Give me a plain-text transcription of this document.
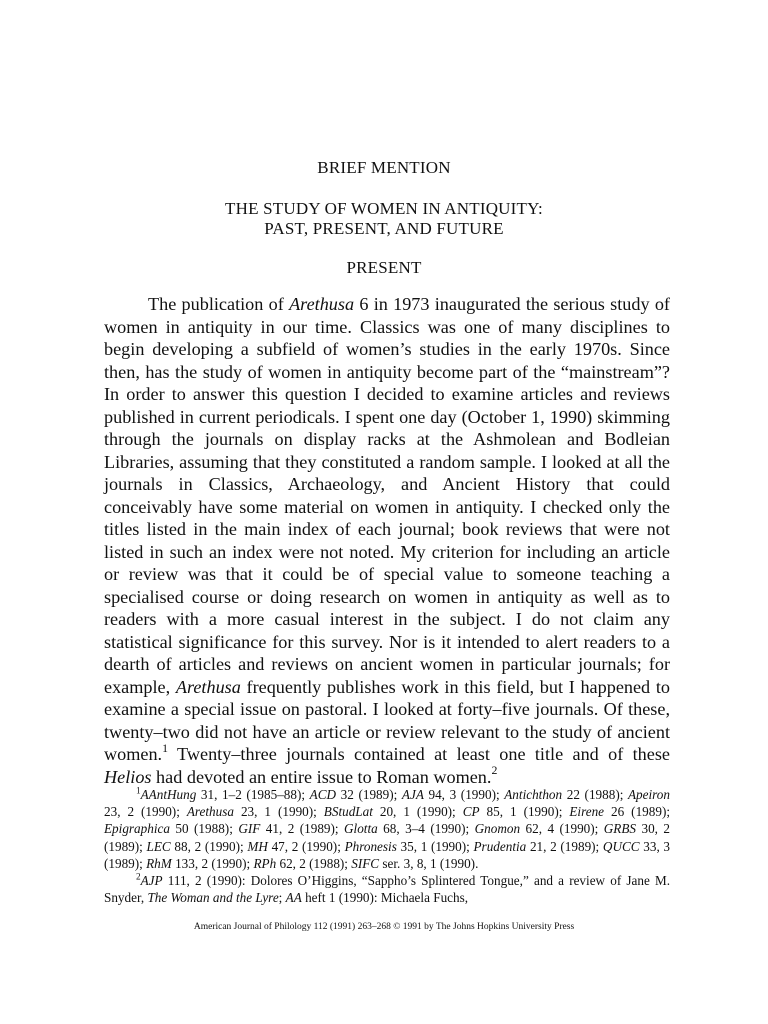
BRIEF MENTION
THE STUDY OF WOMEN IN ANTIQUITY:
PAST, PRESENT, AND FUTURE
PRESENT

The publication of Arethusa 6 in 1973 inaugurated the serious study of women in antiquity in our time. Classics was one of many disciplines to begin developing a subfield of women’s studies in the early 1970s. Since then, has the study of women in antiquity become part of the “mainstream”? In order to answer this question I decided to examine articles and reviews published in current periodicals. I spent one day (October 1, 1990) skimming through the journals on display racks at the Ashmolean and Bodleian Libraries, assuming that they constituted a random sample. I looked at all the journals in Classics, Archaeology, and Ancient History that could conceivably have some material on women in antiquity. I checked only the titles listed in the main index of each journal; book reviews that were not listed in such an index were not noted. My criterion for including an article or review was that it could be of special value to someone teaching a specialised course or doing research on women in antiquity as well as to readers with a more casual interest in the subject. I do not claim any statistical significance for this survey. Nor is it intended to alert readers to a dearth of articles and reviews on ancient women in particular journals; for example, Arethusa frequently publishes work in this field, but I happened to examine a special issue on pastoral. I looked at forty–five journals. Of these, twenty–two did not have an article or review relevant to the study of ancient women.$^1$ Twenty–three journals contained at least one title and of these Helios had devoted an entire issue to Roman women.$^2$

$^1$AAntHung 31, 1–2 (1985–88); ACD 32 (1989); AJA 94, 3 (1990); Antichthon 22 (1988); Apeiron 23, 2 (1990); Arethusa 23, 1 (1990); BStudLat 20, 1 (1990); CP 85, 1 (1990); Eirene 26 (1989); Epigraphica 50 (1988); GIF 41, 2 (1989); Glotta 68, 3–4 (1990); Gnomon 62, 4 (1990); GRBS 30, 2 (1989); LEC 88, 2 (1990); MH 47, 2 (1990); Phronesis 35, 1 (1990); Prudentia 21, 2 (1989); QUCC 33, 3 (1989); RhM 133, 2 (1990); RPh 62, 2 (1988); SIFC ser. 3, 8, 1 (1990).

$^2$AJP 111, 2 (1990): Dolores O’Higgins, “Sappho’s Splintered Tongue,” and a review of Jane M. Snyder, The Woman and the Lyre; AA heft 1 (1990): Michaela Fuchs,

American Journal of Philology 112 (1991) 263–268 © 1991 by The Johns Hopkins University Press
